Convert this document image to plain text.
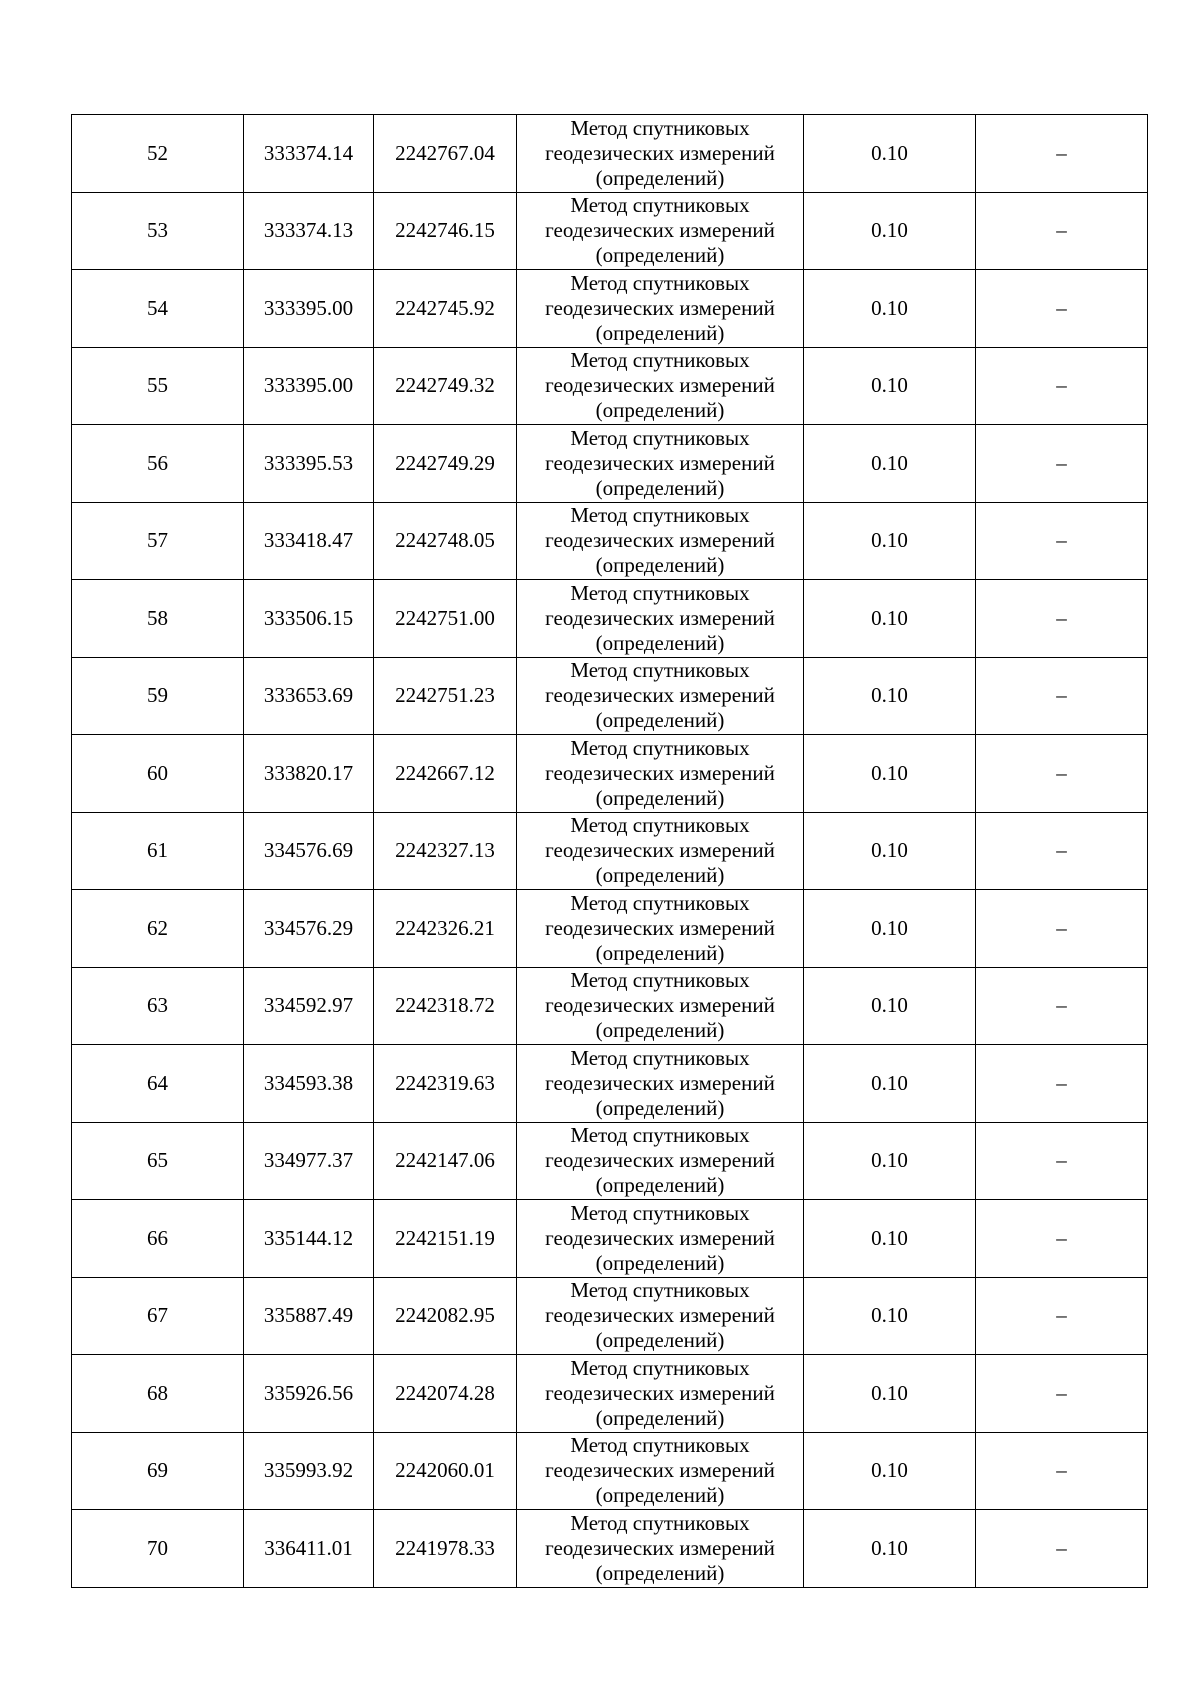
52	333374.14	2242767.04	Метод спутниковых геодезических измерений (определений)	0.10	–
53	333374.13	2242746.15	Метод спутниковых геодезических измерений (определений)	0.10	–
54	333395.00	2242745.92	Метод спутниковых геодезических измерений (определений)	0.10	–
55	333395.00	2242749.32	Метод спутниковых геодезических измерений (определений)	0.10	–
56	333395.53	2242749.29	Метод спутниковых геодезических измерений (определений)	0.10	–
57	333418.47	2242748.05	Метод спутниковых геодезических измерений (определений)	0.10	–
58	333506.15	2242751.00	Метод спутниковых геодезических измерений (определений)	0.10	–
59	333653.69	2242751.23	Метод спутниковых геодезических измерений (определений)	0.10	–
60	333820.17	2242667.12	Метод спутниковых геодезических измерений (определений)	0.10	–
61	334576.69	2242327.13	Метод спутниковых геодезических измерений (определений)	0.10	–
62	334576.29	2242326.21	Метод спутниковых геодезических измерений (определений)	0.10	–
63	334592.97	2242318.72	Метод спутниковых геодезических измерений (определений)	0.10	–
64	334593.38	2242319.63	Метод спутниковых геодезических измерений (определений)	0.10	–
65	334977.37	2242147.06	Метод спутниковых геодезических измерений (определений)	0.10	–
66	335144.12	2242151.19	Метод спутниковых геодезических измерений (определений)	0.10	–
67	335887.49	2242082.95	Метод спутниковых геодезических измерений (определений)	0.10	–
68	335926.56	2242074.28	Метод спутниковых геодезических измерений (определений)	0.10	–
69	335993.92	2242060.01	Метод спутниковых геодезических измерений (определений)	0.10	–
70	336411.01	2241978.33	Метод спутниковых геодезических измерений (определений)	0.10	–
